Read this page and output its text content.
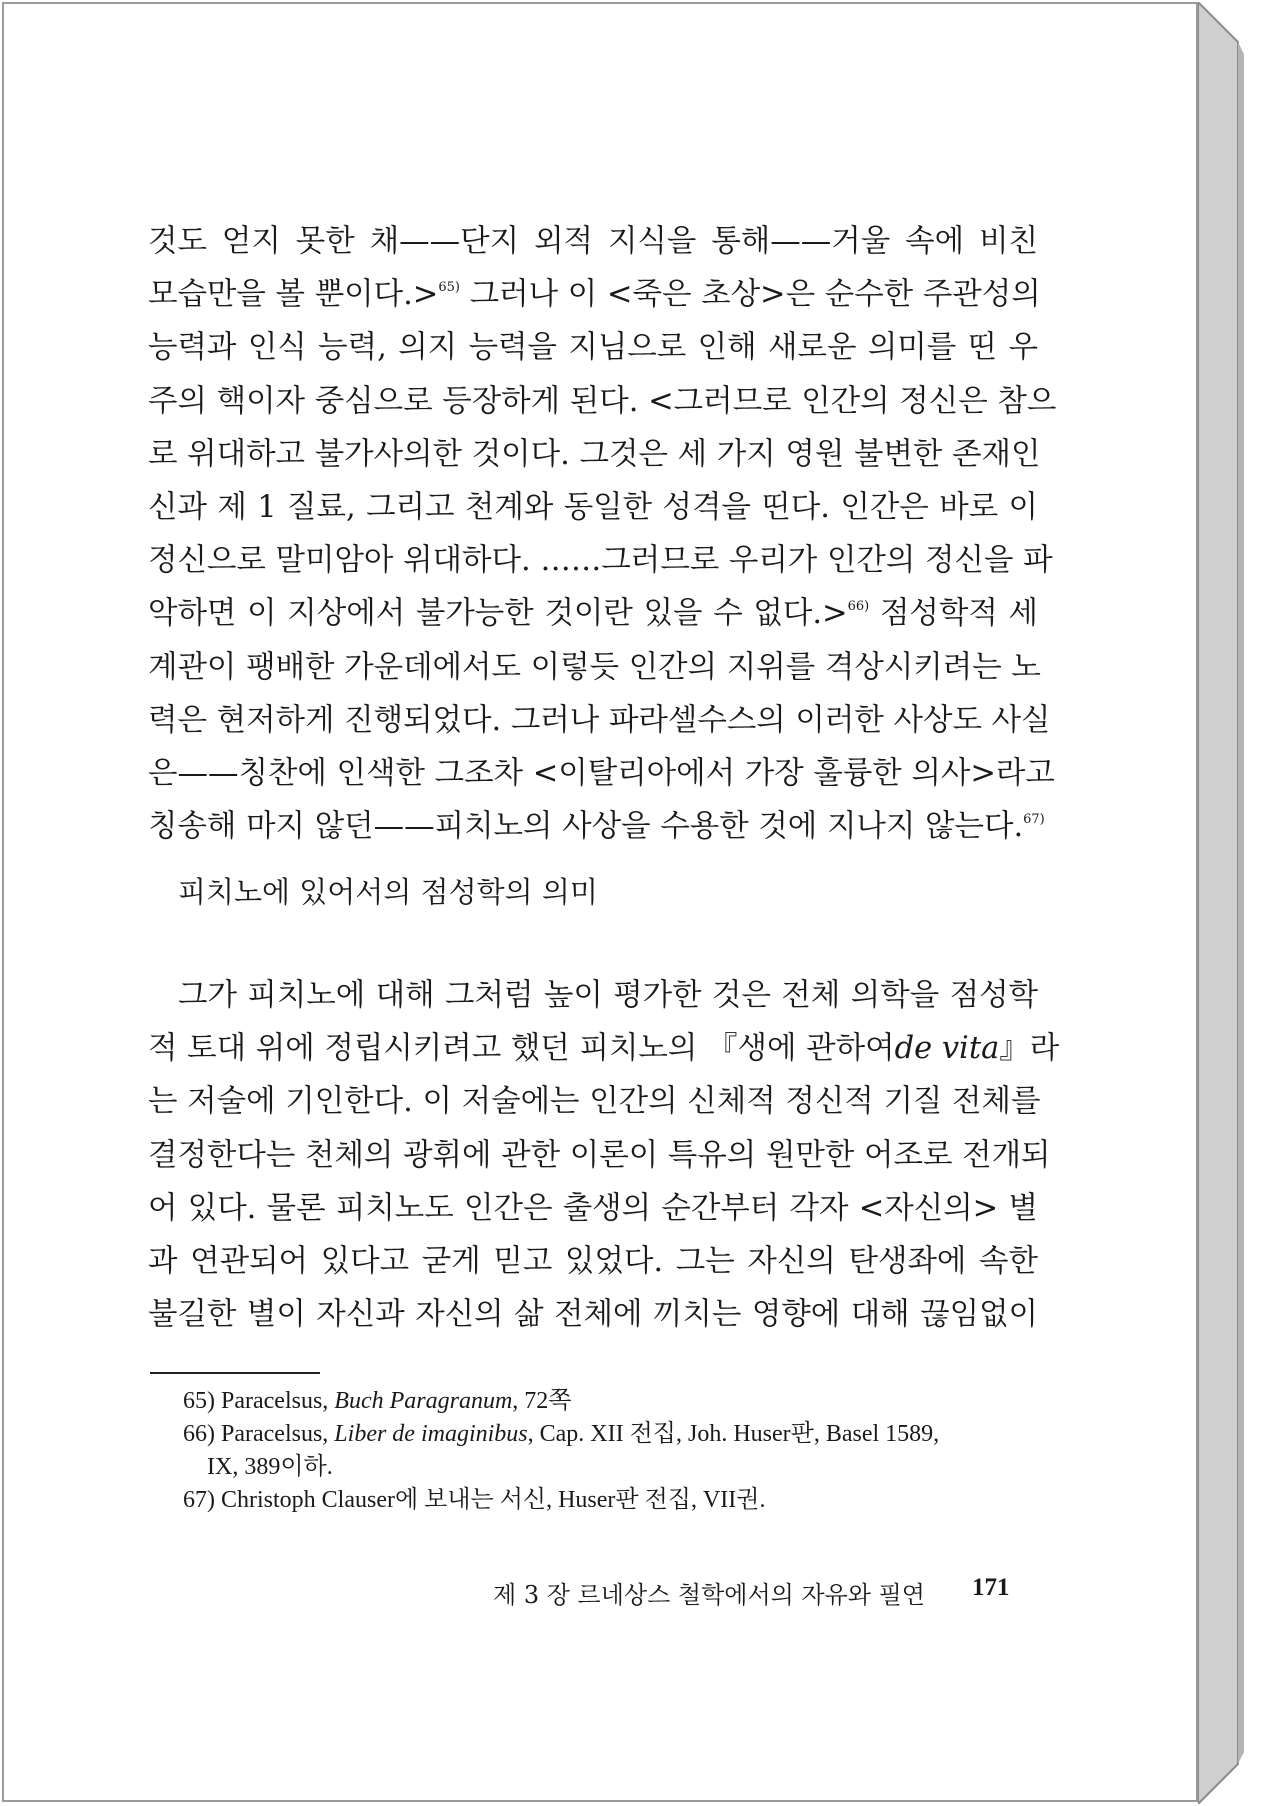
것도 얻지 못한 채——단지 외적 지식을 통해——거울 속에 비친
모습만을 볼 뿐이다.>$^{65)}$ 그러나 이 <죽은 초상>은 순수한 주관성의
능력과 인식 능력, 의지 능력을 지님으로 인해 새로운 의미를 띤 우
주의 핵이자 중심으로 등장하게 된다. <그러므로 인간의 정신은 참으
로 위대하고 불가사의한 것이다. 그것은 세 가지 영원 불변한 존재인
신과 제 1 질료, 그리고 천계와 동일한 성격을 띤다. 인간은 바로 이
정신으로 말미암아 위대하다. ……그러므로 우리가 인간의 정신을 파
악하면 이 지상에서 불가능한 것이란 있을 수 없다.>$^{66)}$ 점성학적 세
계관이 팽배한 가운데에서도 이렇듯 인간의 지위를 격상시키려는 노
력은 현저하게 진행되었다. 그러나 파라셀수스의 이러한 사상도 사실
은——칭찬에 인색한 그조차 <이탈리아에서 가장 훌륭한 의사>라고
칭송해 마지 않던——피치노의 사상을 수용한 것에 지나지 않는다.$^{67)}$
피치노에 있어서의 점성학의 의미
그가 피치노에 대해 그처럼 높이 평가한 것은 전체 의학을 점성학
적 토대 위에 정립시키려고 했던 피치노의 『생에 관하여de vita』라
는 저술에 기인한다. 이 저술에는 인간의 신체적 정신적 기질 전체를
결정한다는 천체의 광휘에 관한 이론이 특유의 원만한 어조로 전개되
어 있다. 물론 피치노도 인간은 출생의 순간부터 각자 <자신의> 별
과 연관되어 있다고 굳게 믿고 있었다. 그는 자신의 탄생좌에 속한
불길한 별이 자신과 자신의 삶 전체에 끼치는 영향에 대해 끊임없이
65) Paracelsus, Buch Paragranum, 72쪽
66) Paracelsus, Liber de imaginibus, Cap. XII 전집, Joh. Huser판, Basel 1589,
IX, 389이하.
67) Christoph Clauser에 보내는 서신, Huser판 전집, VII권.
제 3 장 르네상스 철학에서의 자유와 필연 171
